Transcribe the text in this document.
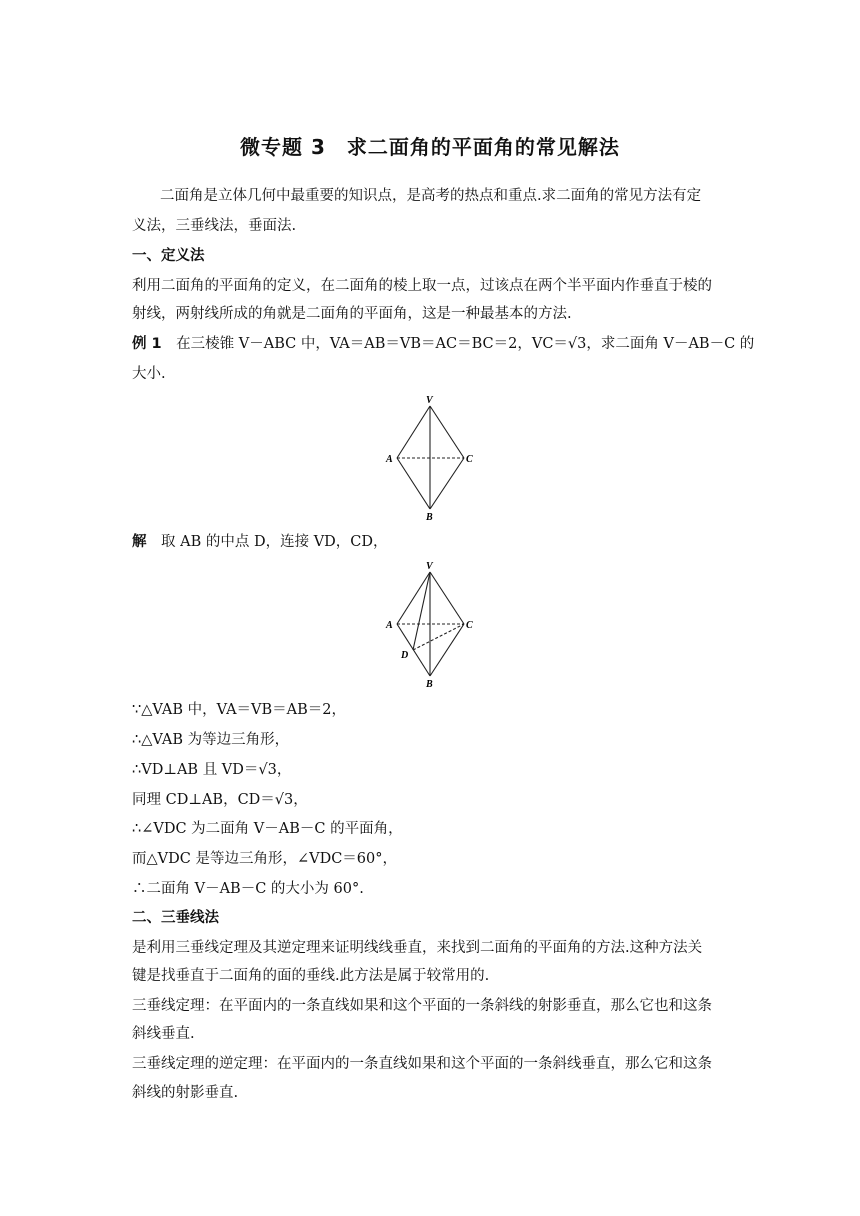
微专题 3　求二面角的平面角的常见解法
二面角是立体几何中最重要的知识点，是高考的热点和重点.求二面角的常见方法有定
义法，三垂线法，垂面法.
一、定义法
利用二面角的平面角的定义，在二面角的棱上取一点，过该点在两个半平面内作垂直于棱的
射线，两射线所成的角就是二面角的平面角，这是一种最基本的方法.
例 1　在三棱锥 V－ABC 中，VA＝AB＝VB＝AC＝BC＝2，VC＝√3，求二面角 V－AB－C 的
大小.
V
A	C
B
解　取 AB 的中点 D，连接 VD，CD，
V
A	C
D
B
∵△VAB 中，VA＝VB＝AB＝2，
∴△VAB 为等边三角形，
∴VD⊥AB 且 VD＝√3，
同理 CD⊥AB，CD＝√3，
∴∠VDC 为二面角 V－AB－C 的平面角，
而△VDC 是等边三角形，∠VDC＝60°，
∴二面角 V－AB－C 的大小为 60°.
二、三垂线法
是利用三垂线定理及其逆定理来证明线线垂直，来找到二面角的平面角的方法.这种方法关
键是找垂直于二面角的面的垂线.此方法是属于较常用的.
三垂线定理：在平面内的一条直线如果和这个平面的一条斜线的射影垂直，那么它也和这条
斜线垂直.
三垂线定理的逆定理：在平面内的一条直线如果和这个平面的一条斜线垂直，那么它和这条
斜线的射影垂直.
